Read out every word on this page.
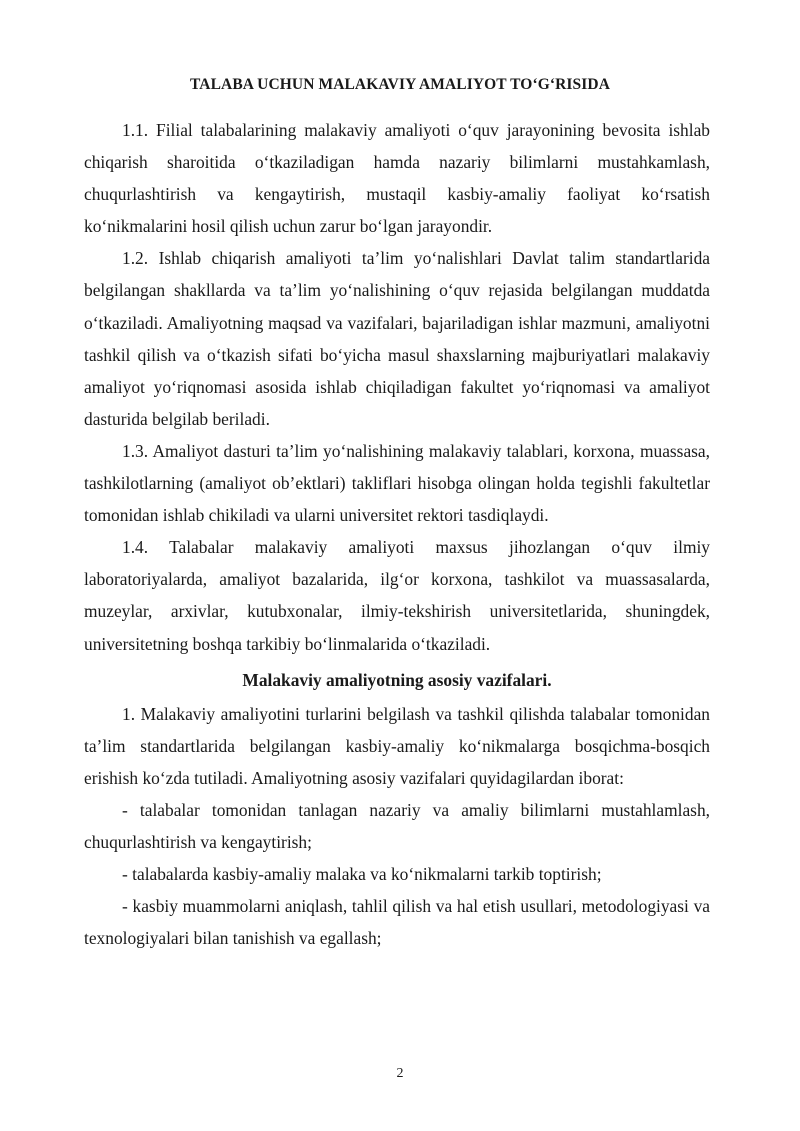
TALABA UCHUN MALAKAVIY AMALIYOT TO‘G‘RISIDA

1.1. Filial talabalarining malakaviy amaliyoti o‘quv jarayonining bevosita ishlab chiqarish sharoitida o‘tkaziladigan hamda nazariy bilimlarni mustahkamlash, chuqurlashtirish va kengaytirish, mustaqil kasbiy-amaliy faoliyat ko‘rsatish ko‘nikmalarini hosil qilish uchun zarur bo‘lgan jarayondir.

1.2. Ishlab chiqarish amaliyoti ta’lim yo‘nalishlari Davlat talim standartlarida belgilangan shakllarda va ta’lim yo‘nalishining o‘quv rejasida belgilangan muddatda o‘tkaziladi. Amaliyotning maqsad va vazifalari, bajariladigan ishlar mazmuni, amaliyotni tashkil qilish va o‘tkazish sifati bo‘yicha masul shaxslarning majburiyatlari malakaviy amaliyot yo‘riqnomasi asosida ishlab chiqiladigan fakultet yo‘riqnomasi va amaliyot dasturida belgilab beriladi.

1.3. Amaliyot dasturi ta’lim yo‘nalishining malakaviy talablari, korxona, muassasa, tashkilotlarning (amaliyot ob’ektlari) takliflari hisobga olingan holda tegishli fakultetlar tomonidan ishlab chikiladi va ularni universitet rektori tasdiqlaydi.

1.4. Talabalar malakaviy amaliyoti maxsus jihozlangan o‘quv ilmiy laboratoriyalarda, amaliyot bazalarida, ilg‘or korxona, tashkilot va muassasalarda, muzeylar, arxivlar, kutubxonalar, ilmiy-tekshirish universitetlarida, shuningdek, universitetning boshqa tarkibiy bo‘linmalarida o‘tkaziladi.

Malakaviy amaliyotning asosiy vazifalari.

1. Malakaviy amaliyotini turlarini belgilash va tashkil qilishda talabalar tomonidan ta’lim standartlarida belgilangan kasbiy-amaliy ko‘nikmalarga bosqichma-bosqich erishish ko‘zda tutiladi. Amaliyotning asosiy vazifalari quyidagilardan iborat:

- talabalar tomonidan tanlagan nazariy va amaliy bilimlarni mustahlamlash, chuqurlashtirish va kengaytirish;

- talabalarda kasbiy-amaliy malaka va ko‘nikmalarni tarkib toptirish;

- kasbiy muammolarni aniqlash, tahlil qilish va hal etish usullari, metodologiyasi va texnologiyalari bilan tanishish va egallash;

2
